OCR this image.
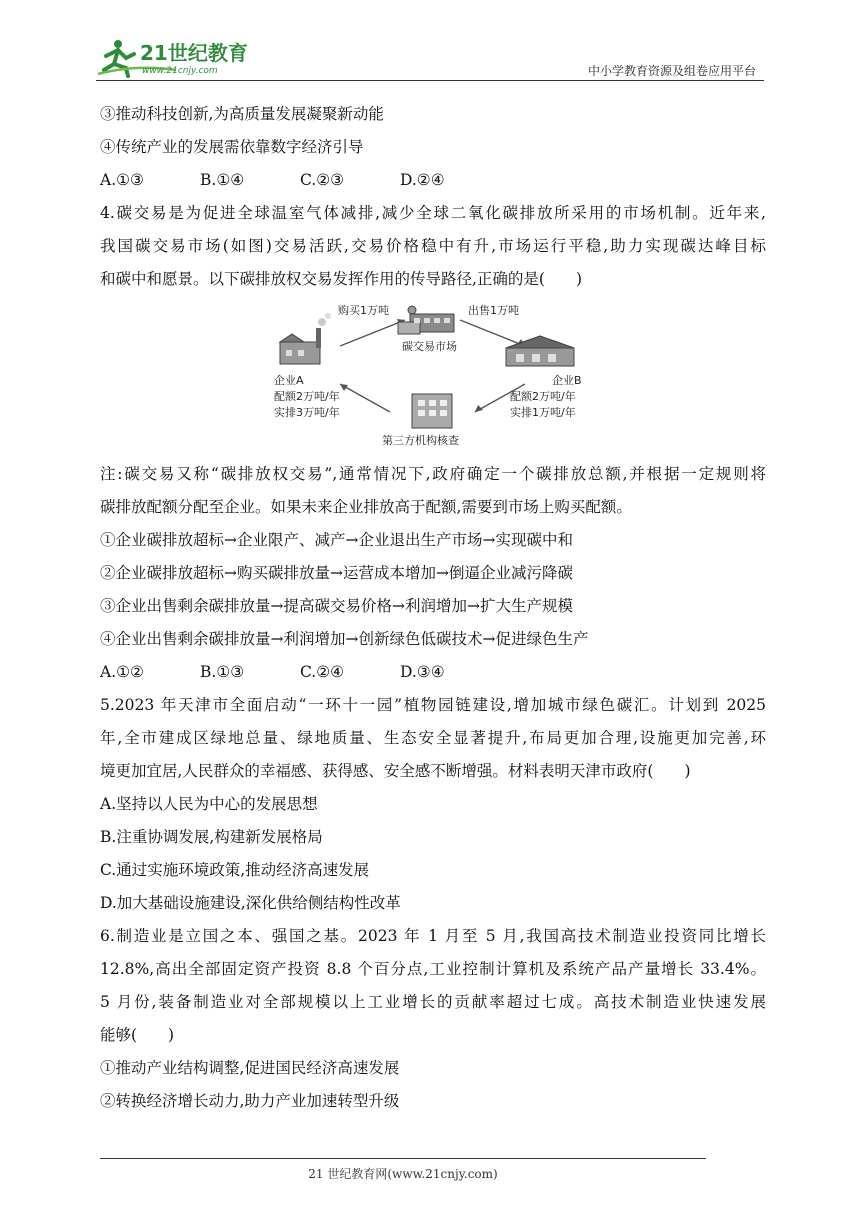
21世纪教育
www.21cnjy.com	中小学教育资源及组卷应用平台
③推动科技创新,为高质量发展凝聚新动能
④传统产业的发展需依靠数字经济引导
A.①③	B.①④	C.②③	D.②④
4.碳交易是为促进全球温室气体减排,减少全球二氧化碳排放所采用的市场机制。近年来,
我国碳交易市场(如图)交易活跃,交易价格稳中有升,市场运行平稳,助力实现碳达峰目标
和碳中和愿景。以下碳排放权交易发挥作用的传导路径,正确的是(　　)
购买1万吨	出售1万吨
碳交易市场
企业A
配额2万吨/年
实排3万吨/年
企业B
配额2万吨/年
实排1万吨/年
第三方机构核查
注:碳交易又称“碳排放权交易”,通常情况下,政府确定一个碳排放总额,并根据一定规则将
碳排放配额分配至企业。如果未来企业排放高于配额,需要到市场上购买配额。
①企业碳排放超标→企业限产、减产→企业退出生产市场→实现碳中和
②企业碳排放超标→购买碳排放量→运营成本增加→倒逼企业减污降碳
③企业出售剩余碳排放量→提高碳交易价格→利润增加→扩大生产规模
④企业出售剩余碳排放量→利润增加→创新绿色低碳技术→促进绿色生产
A.①②	B.①③	C.②④	D.③④
5.2023 年天津市全面启动“一环十一园”植物园链建设,增加城市绿色碳汇。计划到 2025
年,全市建成区绿地总量、绿地质量、生态安全显著提升,布局更加合理,设施更加完善,环
境更加宜居,人民群众的幸福感、获得感、安全感不断增强。材料表明天津市政府(　　)
A.坚持以人民为中心的发展思想
B.注重协调发展,构建新发展格局
C.通过实施环境政策,推动经济高速发展
D.加大基础设施建设,深化供给侧结构性改革
6.制造业是立国之本、强国之基。2023 年 1 月至 5 月,我国高技术制造业投资同比增长
12.8%,高出全部固定资产投资 8.8 个百分点,工业控制计算机及系统产品产量增长 33.4%。
5 月份,装备制造业对全部规模以上工业增长的贡献率超过七成。高技术制造业快速发展
能够(　　)
①推动产业结构调整,促进国民经济高速发展
②转换经济增长动力,助力产业加速转型升级
21 世纪教育网(www.21cnjy.com)
